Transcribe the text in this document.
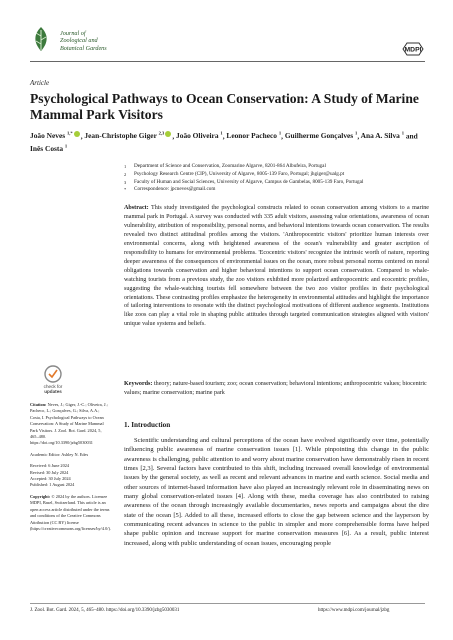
Journal of
Zoological and
Botanical Gardens	MDPI
Article
Psychological Pathways to Ocean Conservation: A Study of Marine Mammal Park Visitors
João Neves $^{1,*}$ , Jean-Christophe Giger $^{2,3}$ , João Oliveira $^1$, Leonor Pacheco $^1$, Guilherme Gonçalves $^1$, Ana A. Silva $^1$ and Inês Costa $^1$
1	Department of Science and Conservation, Zoomarine Algarve, 8201-864 Albufeira, Portugal
2	Psychology Research Centre (CIP), University of Algarve, 8005-139 Faro, Portugal; jhgiger@ualg.pt
3	Faculty of Human and Social Sciences, University of Algarve, Campus de Gambelas, 8005-139 Faro, Portugal
*	Correspondence: jpcneves@gmail.com
Abstract: This study investigated the psychological constructs related to ocean conservation among visitors to a marine mammal park in Portugal. A survey was conducted with 335 adult visitors, assessing value orientations, awareness of ocean vulnerability, attribution of responsibility, personal norms, and behavioral intentions towards ocean conservation. The results revealed two distinct attitudinal profiles among the visitors. 'Anthropocentric visitors' prioritize human interests over environmental concerns, along with heightened awareness of the ocean's vulnerability and greater ascription of responsibility to humans for environmental problems. 'Ecocentric visitors' recognize the intrinsic worth of nature, reporting deeper awareness of the consequences of environmental issues on the ocean, more robust personal norms centered on moral obligations towards conservation and higher behavioral intentions to support ocean conservation. Compared to whale-watching tourists from a previous study, the zoo visitors exhibited more polarized anthropocentric and ecocentric profiles, suggesting the whale-watching tourists fell somewhere between the two zoo visitor profiles in their psychological orientations. These contrasting profiles emphasize the heterogeneity in environmental attitudes and highlight the importance of tailoring interventions to resonate with the distinct psychological motivations of different audience segments. Institutions like zoos can play a vital role in shaping public attitudes through targeted communication strategies aligned with visitors' unique value systems and beliefs.
Keywords: theory; nature-based tourism; zoo; ocean conservation; behavioral intentions; anthropocentric values; biocentric values; marine conservation; marine park
check for
updates
Citation: Neves, J.; Giger, J.-C.; Oliveira, J.; Pacheco, L.; Gonçalves, G.; Silva, A.A.; Costa, I. Psychological Pathways to Ocean Conservation: A Study of Marine Mammal Park Visitors. J. Zool. Bot. Gard. 2024, 5, 465–480. https://doi.org/10.3390/jzbg5030031
Academic Editor: Ashley N. Edes
Received: 6 June 2024
Revised: 30 July 2024
Accepted: 30 July 2024
Published: 1 August 2024
Copyright: © 2024 by the authors. Licensee MDPI, Basel, Switzerland. This article is an open access article distributed under the terms and conditions of the Creative Commons Attribution (CC BY) license (https://creativecommons.org/licenses/by/4.0/).
1. Introduction
Scientific understanding and cultural perceptions of the ocean have evolved significantly over time, potentially influencing public awareness of marine conservation issues [1]. While pinpointing this change in the public awareness is challenging, public attention to and worry about marine conservation have demonstrably risen in recent times [2,3]. Several factors have contributed to this shift, including increased overall knowledge of environmental issues by the general society, as well as recent and relevant advances in marine and earth science. Social media and other sources of internet-based information have also played an increasingly relevant role in disseminating news on many global conservation-related issues [4]. Along with these, media coverage has also contributed to raising awareness of the ocean through increasingly available documentaries, news reports and campaigns about the dire state of the ocean [5]. Added to all these, increased efforts to close the gap between science and the layperson by communicating recent advances in science to the public in simpler and more comprehensible forms have helped shape public opinion and increase support for marine conservation measures [6]. As a result, public interest increased, along with public understanding of ocean issues, encouraging people
J. Zool. Bot. Gard. 2024, 5, 465–480. https://doi.org/10.3390/jzbg5030031	https://www.mdpi.com/journal/jzbg
